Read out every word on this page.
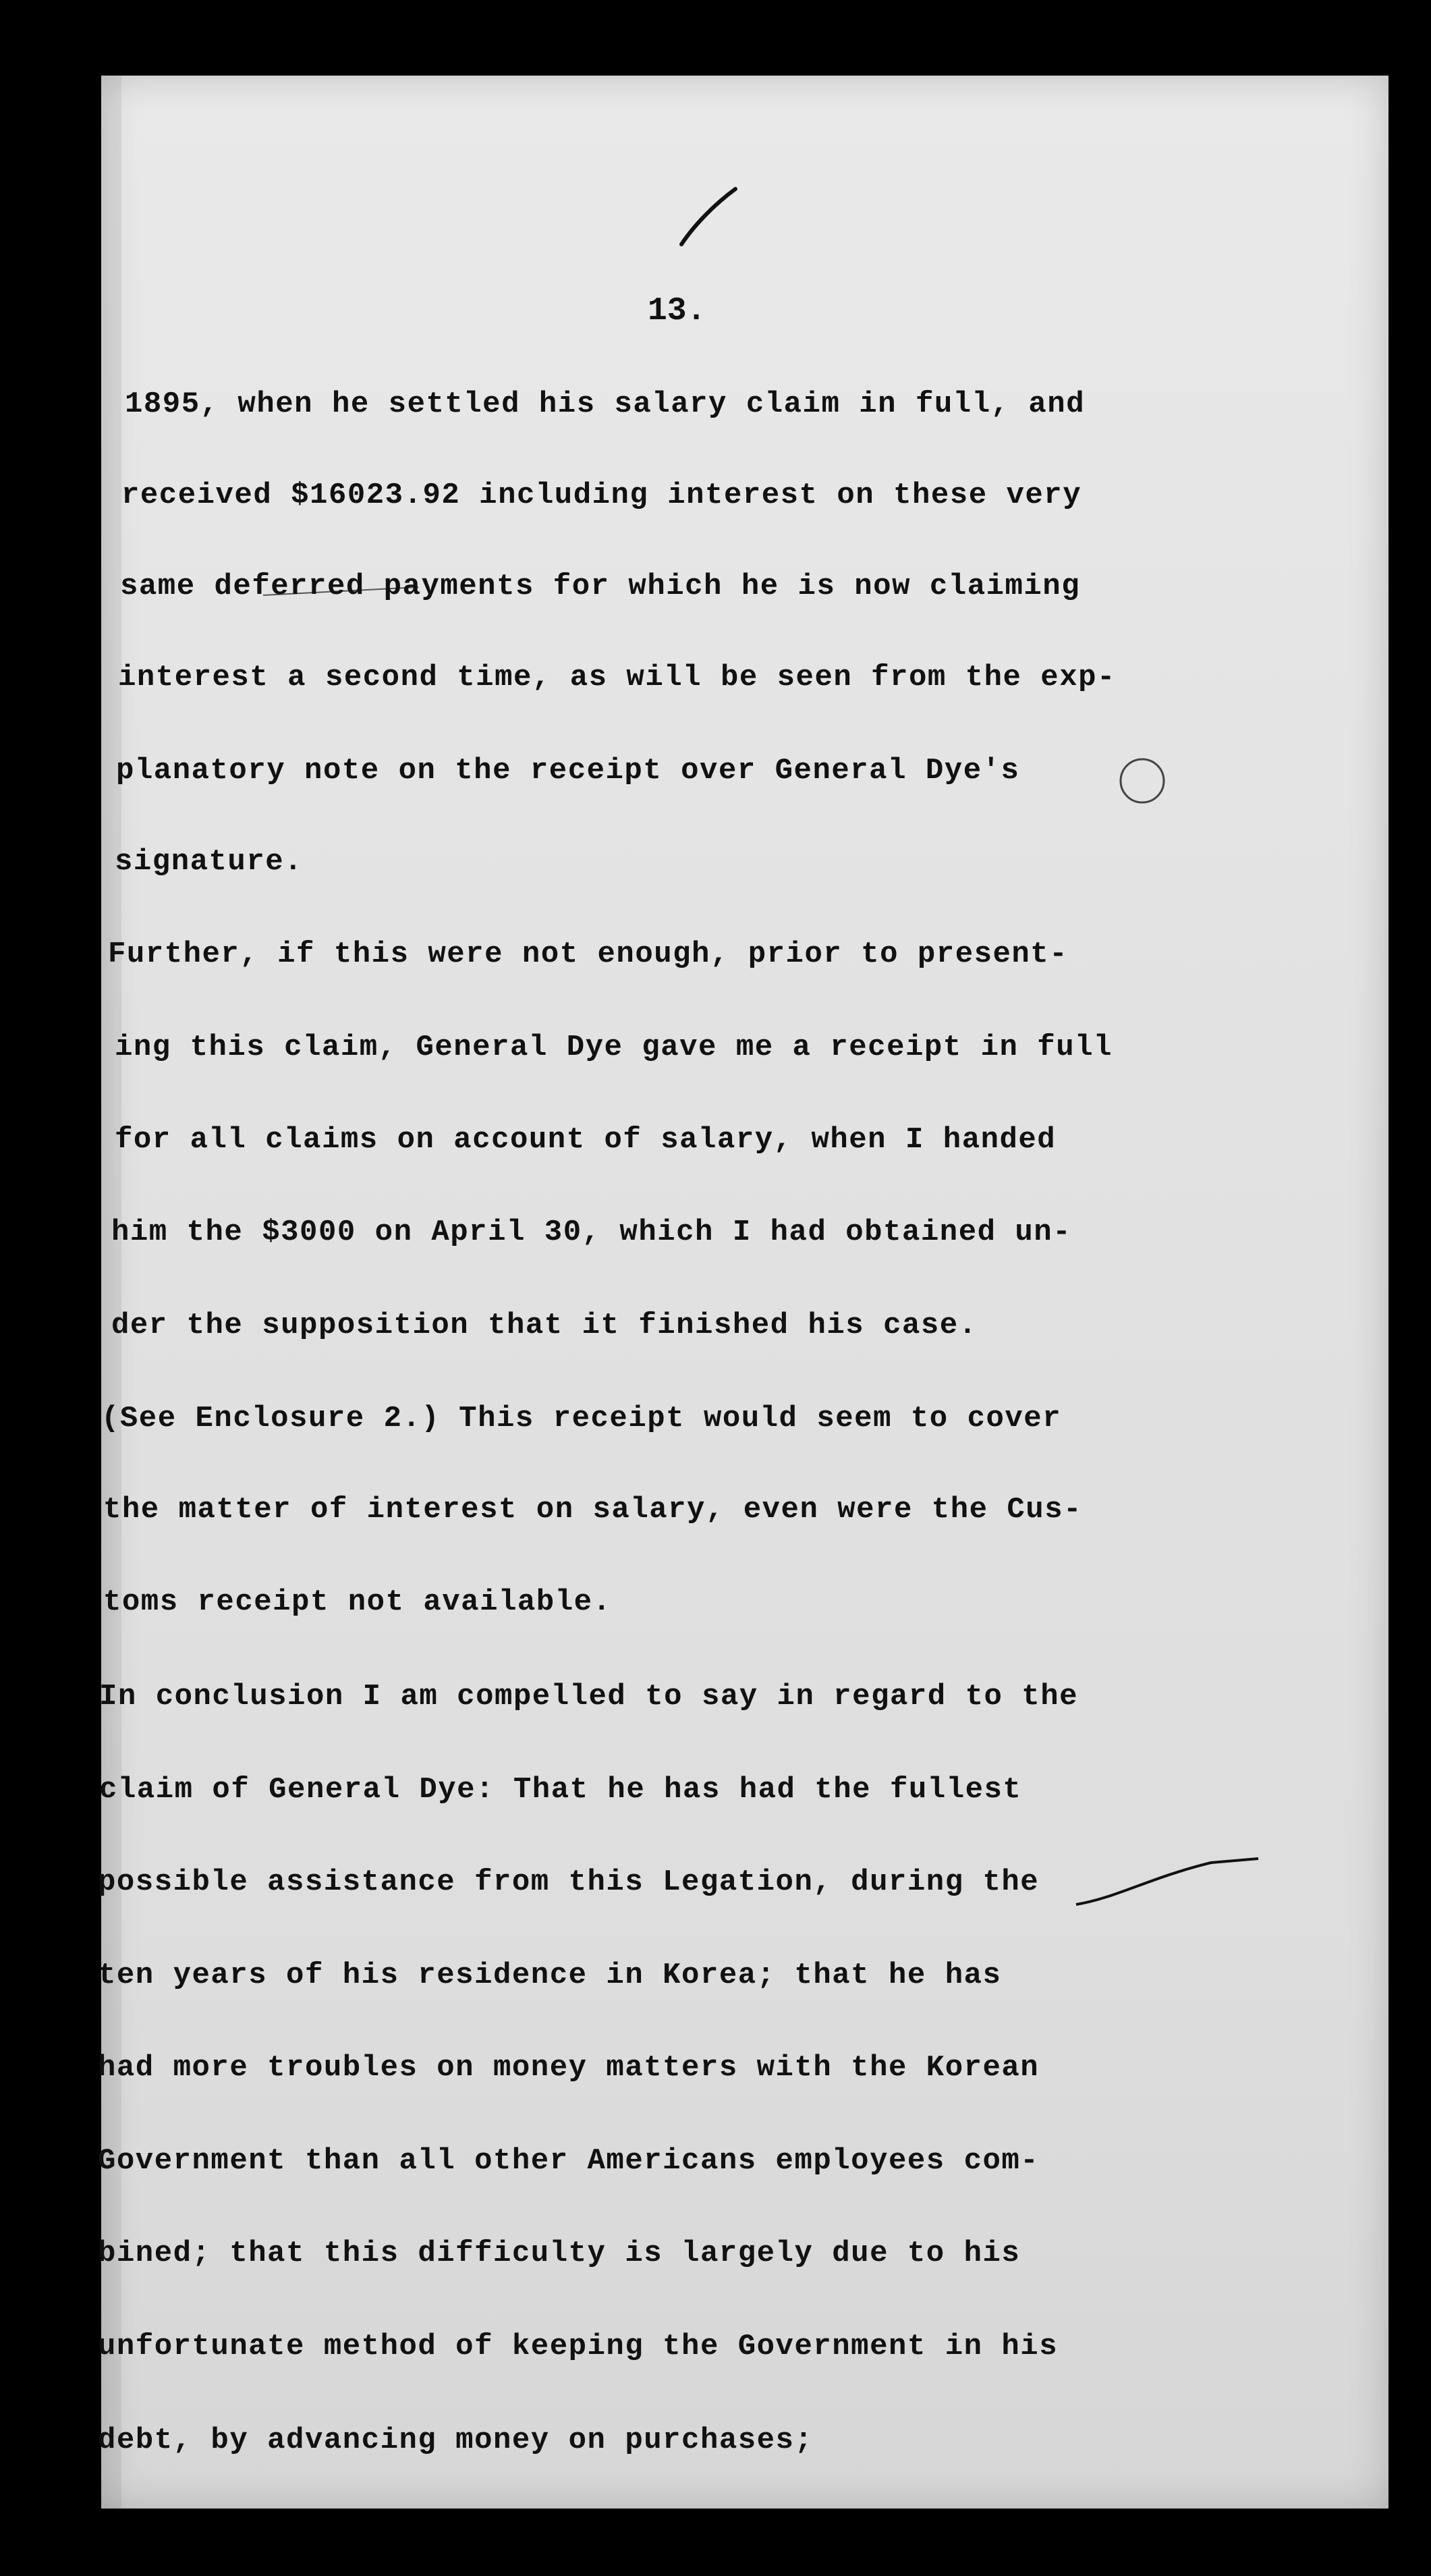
13.
1895, when he settled his salary claim in full, and
received $16023.92 including interest on these very
same deferred payments for which he is now claiming
interest a second time, as will be seen from the exp-
planatory note on the receipt over General Dye's
signature.
Further, if this were not enough, prior to present-
ing this claim, General Dye gave me a receipt in full
for all claims on account of salary, when I handed
him the $3000 on April 30, which I had obtained un-
der the supposition that it finished his case.
(See Enclosure 2.) This receipt would seem to cover
the matter of interest on salary, even were the Cus-
toms receipt not available.
In conclusion I am compelled to say in regard to the
claim of General Dye: That he has had the fullest
possible assistance from this Legation, during the
ten years of his residence in Korea; that he has
had more troubles on money matters with the Korean
Government than all other Americans employees com-
bined; that this difficulty is largely due to his
unfortunate method of keeping the Government in his
debt, by advancing money on purchases;
